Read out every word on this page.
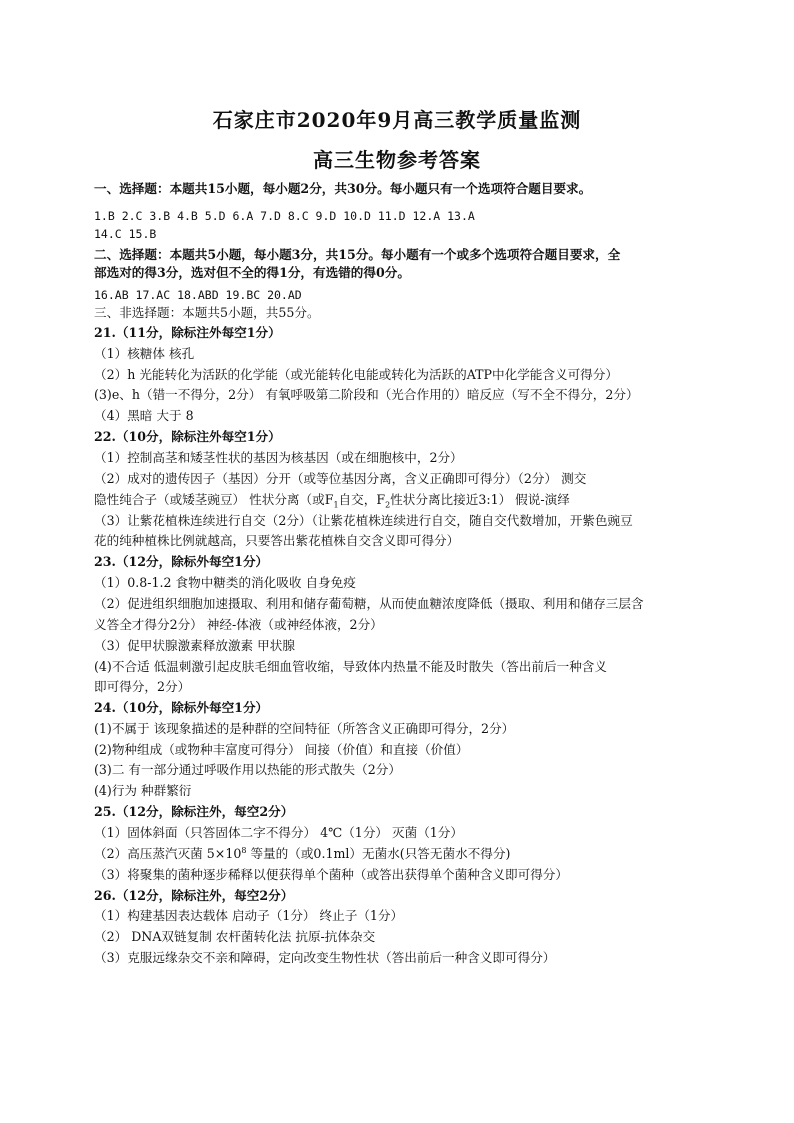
石家庄市2020年9月高三教学质量监测
高三生物参考答案
一、选择题：本题共15小题，每小题2分，共30分。每小题只有一个选项符合题目要求。
1.B 2.C 3.B 4.B 5.D 6.A 7.D 8.C 9.D 10.D 11.D 12.A 13.A
14.C 15.B
二、选择题：本题共5小题，每小题3分，共15分。每小题有一个或多个选项符合题目要求，全
部选对的得3分，选对但不全的得1分，有选错的得0分。
16.AB 17.AC 18.ABD 19.BC 20.AD
三、非选择题：本题共5小题，共55分。
21.（11分，除标注外每空1分）
（1）核糖体 核孔
（2）h 光能转化为活跃的化学能（或光能转化电能或转化为活跃的ATP中化学能含义可得分）
(3)e、h（错一不得分，2分） 有氧呼吸第二阶段和（光合作用的）暗反应（写不全不得分，2分）
（4）黑暗 大于 8
22.（10分，除标注外每空1分）
（1）控制高茎和矮茎性状的基因为核基因（或在细胞核中，2分）
（2）成对的遗传因子（基因）分开（或等位基因分离，含义正确即可得分）（2分） 测交
隐性纯合子（或矮茎豌豆） 性状分离（或$F_1$自交，$F_2$性状分离比接近3:1） 假说-演绎
（3）让紫花植株连续进行自交（2分）（让紫花植株连续进行自交，随自交代数增加，开紫色豌豆
花的纯种植株比例就越高，只要答出紫花植株自交含义即可得分）
23.（12分，除标外每空1分）
（1）0.8-1.2 食物中糖类的消化吸收 自身免疫
（2）促进组织细胞加速摄取、利用和储存葡萄糖，从而使血糖浓度降低（摄取、利用和储存三层含
义答全才得分2分） 神经-体液（或神经体液，2分）
（3）促甲状腺激素释放激素 甲状腺
(4)不合适 低温刺激引起皮肤毛细血管收缩，导致体内热量不能及时散失（答出前后一种含义
即可得分，2分）
24.（10分，除标外每空1分）
(1)不属于 该现象描述的是种群的空间特征（所答含义正确即可得分，2分）
(2)物种组成（或物种丰富度可得分） 间接（价值）和直接（价值）
(3)二 有一部分通过呼吸作用以热能的形式散失（2分）
(4)行为 种群繁衍
25.（12分，除标注外，每空2分）
（1）固体斜面（只答固体二字不得分） 4℃（1分） 灭菌（1分）
（2）高压蒸汽灭菌 $5\times 10^8$ 等量的（或0.1ml）无菌水(只答无菌水不得分)
（3）将聚集的菌种逐步稀释以便获得单个菌种（或答出获得单个菌种含义即可得分）
26.（12分，除标注外，每空2分）
（1）构建基因表达载体 启动子（1分） 终止子（1分）
（2） DNA双链复制 农杆菌转化法 抗原-抗体杂交
（3）克服远缘杂交不亲和障碍，定向改变生物性状（答出前后一种含义即可得分）
